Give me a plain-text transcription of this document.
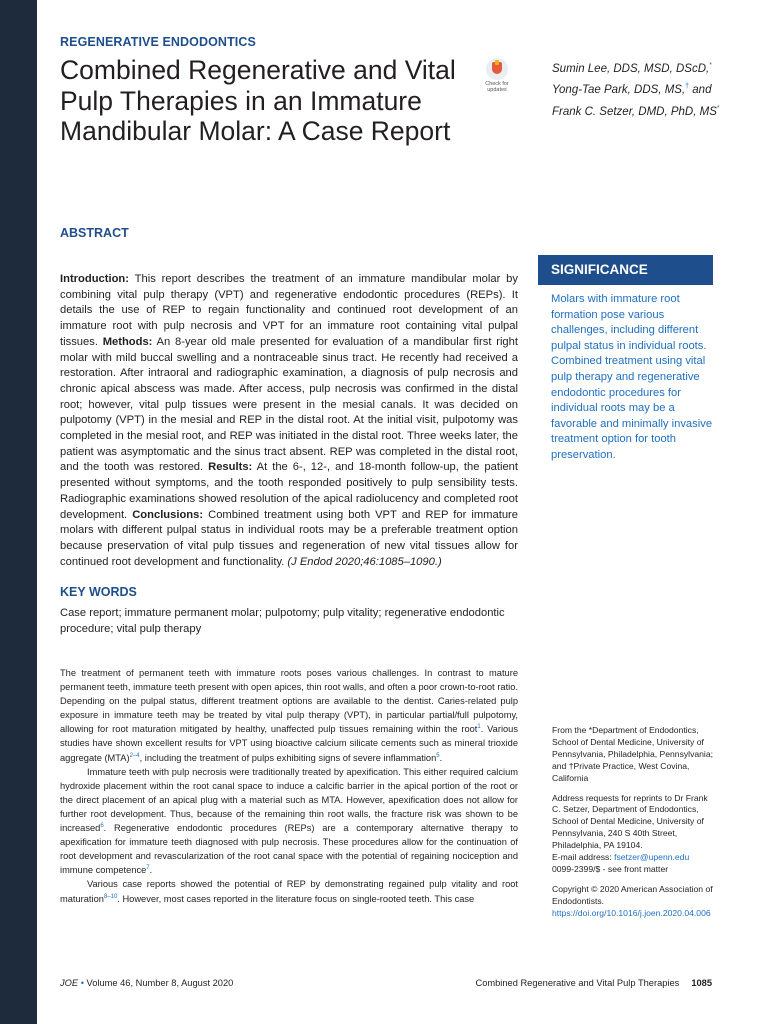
REGENERATIVE ENDODONTICS
Combined Regenerative and Vital Pulp Therapies in an Immature Mandibular Molar: A Case Report
Check for updates
Sumin Lee, DDS, MSD, DScD,*
Yong-Tae Park, DDS, MS,† and
Frank C. Setzer, DMD, PhD, MS*
ABSTRACT
Introduction: This report describes the treatment of an immature mandibular molar by combining vital pulp therapy (VPT) and regenerative endodontic procedures (REPs). It details the use of REP to regain functionality and continued root development of an immature root with pulp necrosis and VPT for an immature root containing vital pulpal tissues. Methods: An 8-year old male presented for evaluation of a mandibular first right molar with mild buccal swelling and a nontraceable sinus tract. He recently had received a restoration. After intraoral and radiographic examination, a diagnosis of pulp necrosis and chronic apical abscess was made. After access, pulp necrosis was confirmed in the distal root; however, vital pulp tissues were present in the mesial canals. It was decided on pulpotomy (VPT) in the mesial and REP in the distal root. At the initial visit, pulpotomy was completed in the mesial root, and REP was initiated in the distal root. Three weeks later, the patient was asymptomatic and the sinus tract absent. REP was completed in the distal root, and the tooth was restored. Results: At the 6-, 12-, and 18-month follow-up, the patient presented without symptoms, and the tooth responded positively to pulp sensibility tests. Radiographic examinations showed resolution of the apical radiolucency and completed root development. Conclusions: Combined treatment using both VPT and REP for immature molars with different pulpal status in individual roots may be a preferable treatment option because preservation of vital pulp tissues and regeneration of new vital tissues allow for continued root development and functionality. (J Endod 2020;46:1085–1090.)
SIGNIFICANCE
Molars with immature root formation pose various challenges, including different pulpal status in individual roots. Combined treatment using vital pulp therapy and regenerative endodontic procedures for individual roots may be a favorable and minimally invasive treatment option for tooth preservation.
KEY WORDS
Case report; immature permanent molar; pulpotomy; pulp vitality; regenerative endodontic procedure; vital pulp therapy

The treatment of permanent teeth with immature roots poses various challenges. In contrast to mature permanent teeth, immature teeth present with open apices, thin root walls, and often a poor crown-to-root ratio. Depending on the pulpal status, different treatment options are available to the dentist. Caries-related pulp exposure in immature teeth may be treated by vital pulp therapy (VPT), in particular partial/full pulpotomy, allowing for root maturation mitigated by healthy, unaffected pulp tissues remaining within the root$^1$. Various studies have shown excellent results for VPT using bioactive calcium silicate cements such as mineral trioxide aggregate (MTA)$^{2-4}$, including the treatment of pulps exhibiting signs of severe inflammation$^5$.

Immature teeth with pulp necrosis were traditionally treated by apexification. This either required calcium hydroxide placement within the root canal space to induce a calcific barrier in the apical portion of the root or the direct placement of an apical plug with a material such as MTA. However, apexification does not allow for further root development. Thus, because of the remaining thin root walls, the fracture risk was shown to be increased$^6$. Regenerative endodontic procedures (REPs) are a contemporary alternative therapy to apexification for immature teeth diagnosed with pulp necrosis. These procedures allow for the continuation of root development and revascularization of the root canal space with the potential of regaining nociception and immune competence$^7$.

Various case reports showed the potential of REP by demonstrating regained pulp vitality and root maturation$^{8-10}$. However, most cases reported in the literature focus on single-rooted teeth. This case

From the *Department of Endodontics, School of Dental Medicine, University of Pennsylvania, Philadelphia, Pennsylvania; and †Private Practice, West Covina, California

Address requests for reprints to Dr Frank C. Setzer, Department of Endodontics, School of Dental Medicine, University of Pennsylvania, 240 S 40th Street, Philadelphia, PA 19104.
E-mail address: fsetzer@upenn.edu
0099-2399/$ - see front matter

Copyright © 2020 American Association of Endodontists.
https://doi.org/10.1016/j.joen.2020.04.006

JOE • Volume 46, Number 8, August 2020	Combined Regenerative and Vital Pulp Therapies 1085
